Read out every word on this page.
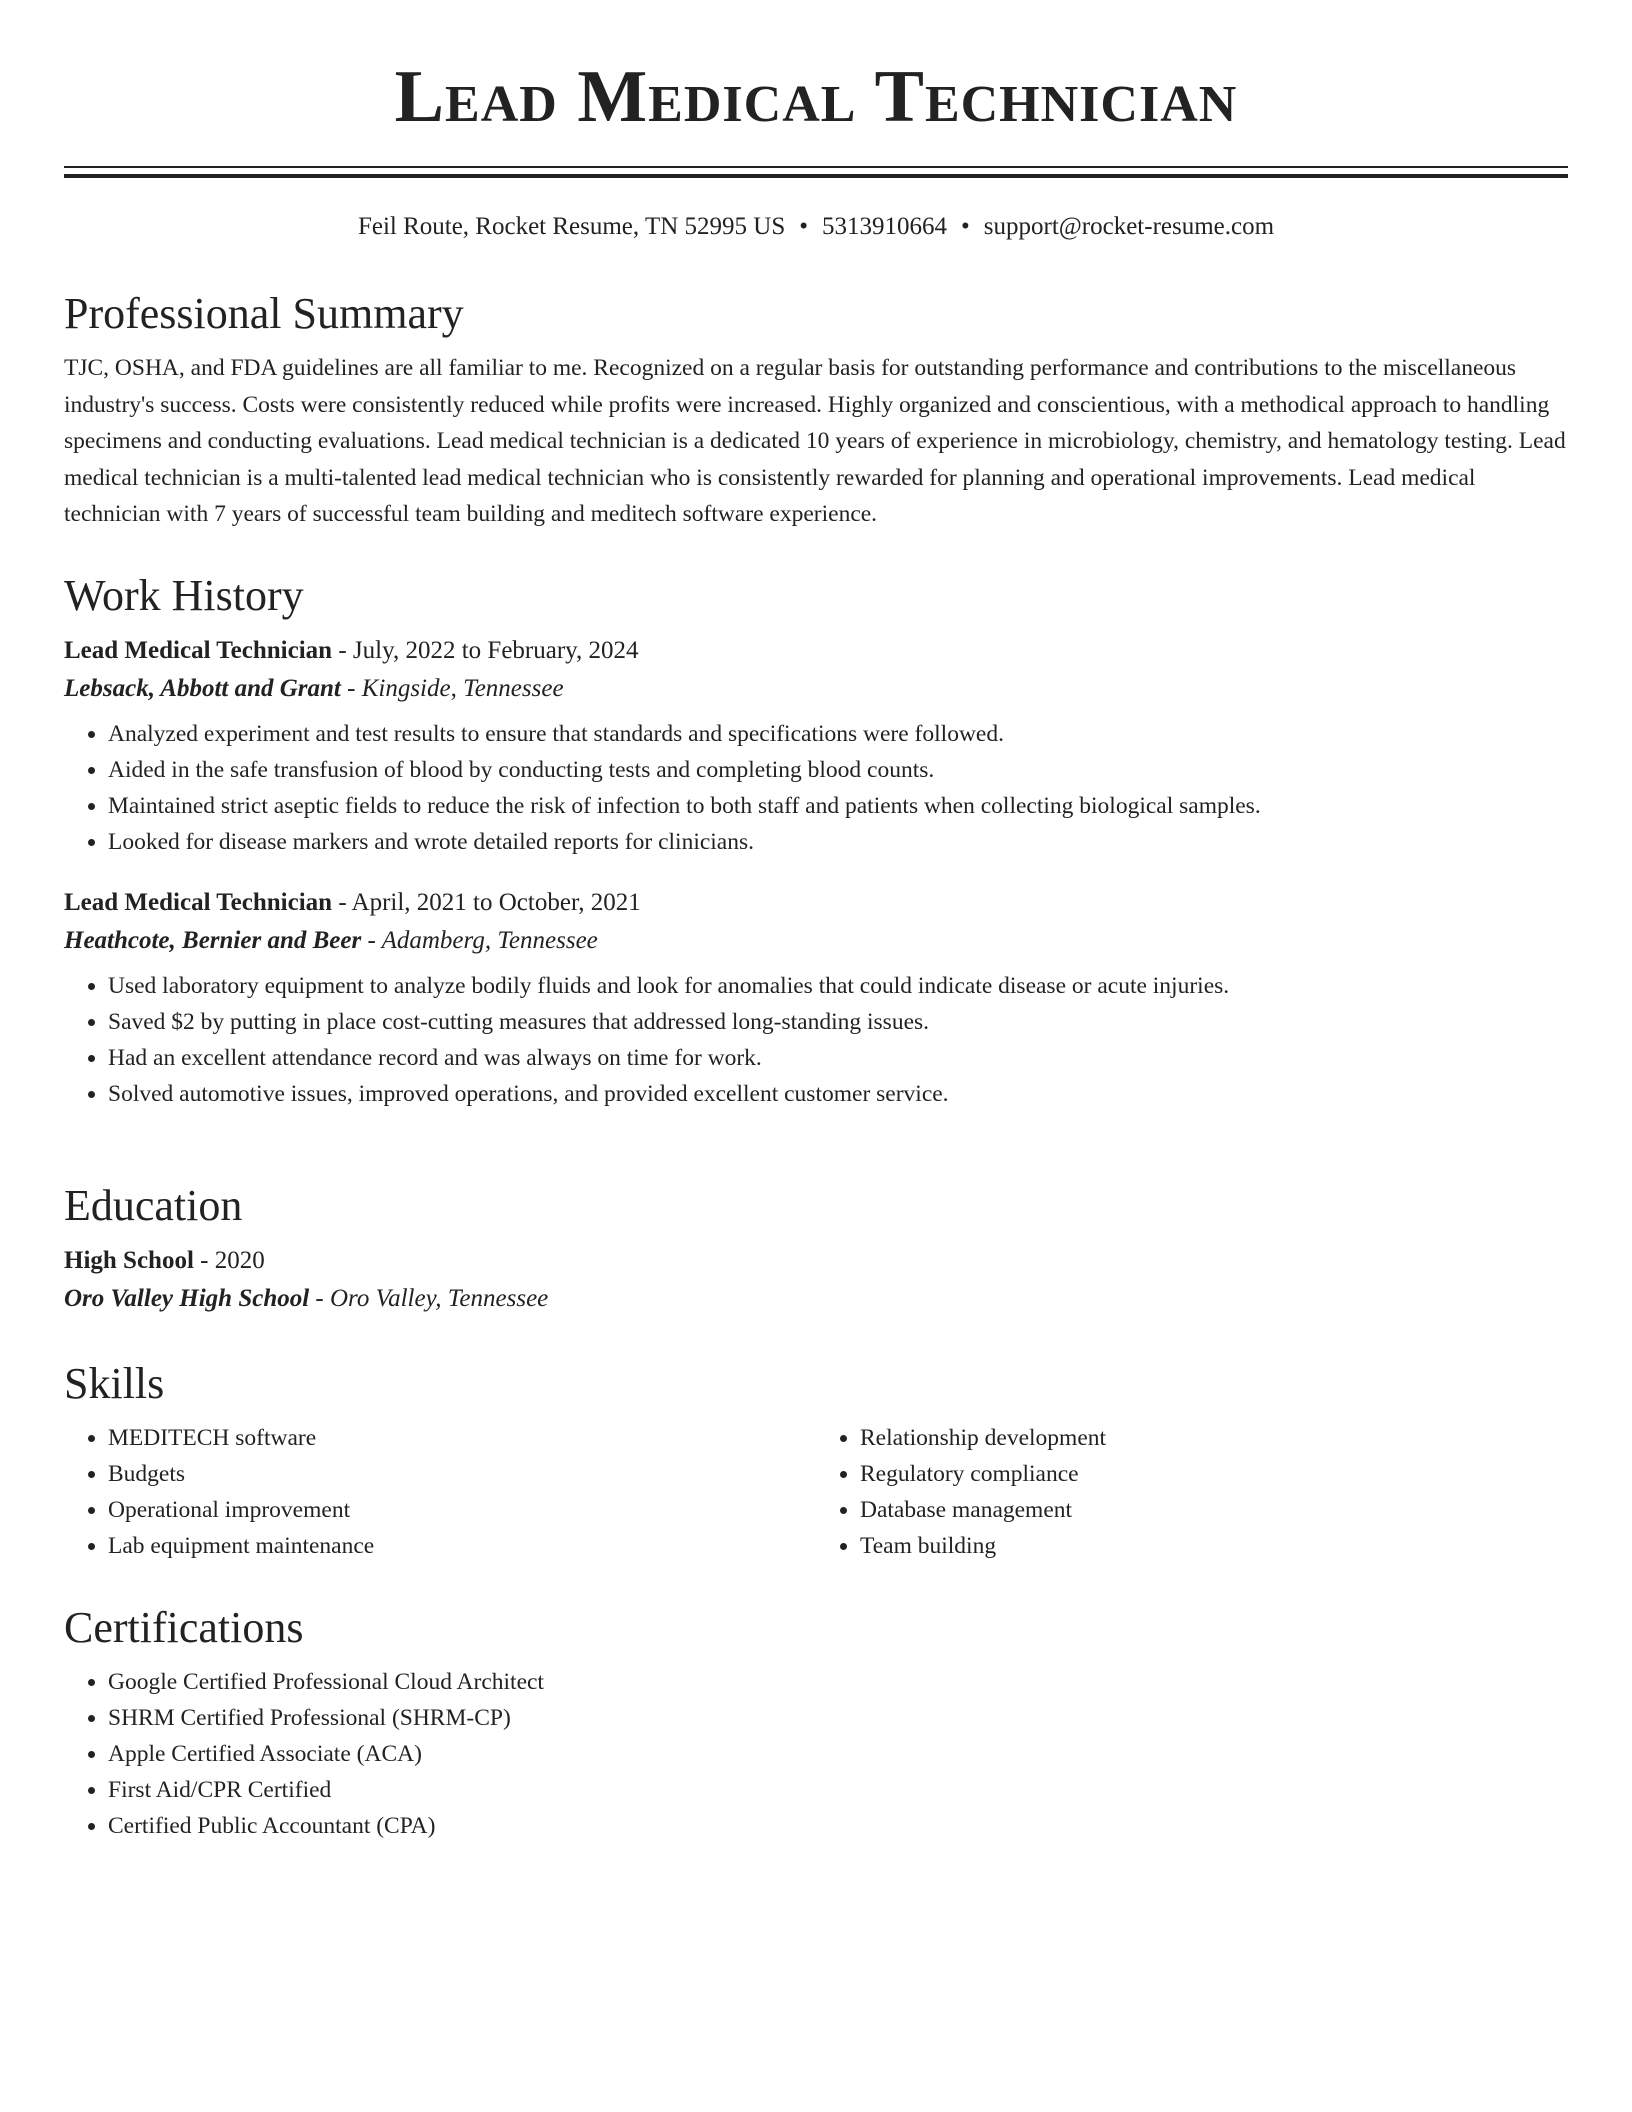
Lead Medical Technician
Feil Route, Rocket Resume, TN 52995 US • 5313910664 • support@rocket-resume.com
Professional Summary

TJC, OSHA, and FDA guidelines are all familiar to me. Recognized on a regular basis for outstanding performance and contributions to the miscellaneous industry's success. Costs were consistently reduced while profits were increased. Highly organized and conscientious, with a methodical approach to handling specimens and conducting evaluations. Lead medical technician is a dedicated 10 years of experience in microbiology, chemistry, and hematology testing. Lead medical technician is a multi-talented lead medical technician who is consistently rewarded for planning and operational improvements. Lead medical technician with 7 years of successful team building and meditech software experience.

Work History
Lead Medical Technician - July, 2022 to February, 2024
Lebsack, Abbott and Grant - Kingside, Tennessee
• Analyzed experiment and test results to ensure that standards and specifications were followed.
• Aided in the safe transfusion of blood by conducting tests and completing blood counts.
• Maintained strict aseptic fields to reduce the risk of infection to both staff and patients when collecting biological samples.
• Looked for disease markers and wrote detailed reports for clinicians.
Lead Medical Technician - April, 2021 to October, 2021
Heathcote, Bernier and Beer - Adamberg, Tennessee
• Used laboratory equipment to analyze bodily fluids and look for anomalies that could indicate disease or acute injuries.
• Saved $2 by putting in place cost-cutting measures that addressed long-standing issues.
• Had an excellent attendance record and was always on time for work.
• Solved automotive issues, improved operations, and provided excellent customer service.
Education
High School - 2020
Oro Valley High School - Oro Valley, Tennessee
Skills
• MEDITECH software
• Budgets
• Operational improvement
• Lab equipment maintenance
• Relationship development
• Regulatory compliance
• Database management
• Team building
Certifications
• Google Certified Professional Cloud Architect
• SHRM Certified Professional (SHRM-CP)
• Apple Certified Associate (ACA)
• First Aid/CPR Certified
• Certified Public Accountant (CPA)
